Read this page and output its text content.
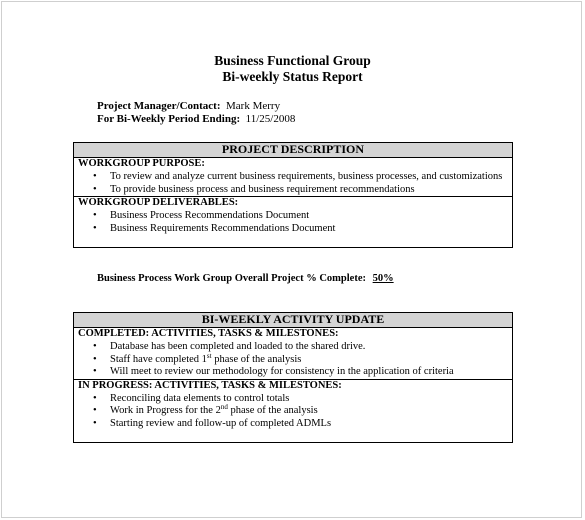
Business Functional Group
Bi-weekly Status Report
Project Manager/Contact: Mark Merry
For Bi-Weekly Period Ending: 11/25/2008
PROJECT DESCRIPTION
WORKGROUP PURPOSE:
• To review and analyze current business requirements, business processes, and customizations
• To provide business process and business requirement recommendations
WORKGROUP DELIVERABLES:
• Business Process Recommendations Document
• Business Requirements Recommendations Document
Business Process Work Group Overall Project % Complete: 50%
BI-WEEKLY ACTIVITY UPDATE
COMPLETED: ACTIVITIES, TASKS & MILESTONES:
• Database has been completed and loaded to the shared drive.
• Staff have completed 1st phase of the analysis
• Will meet to review our methodology for consistency in the application of criteria
IN PROGRESS: ACTIVITIES, TASKS & MILESTONES:
• Reconciling data elements to control totals
• Work in Progress for the 2nd phase of the analysis
• Starting review and follow-up of completed ADMLs
